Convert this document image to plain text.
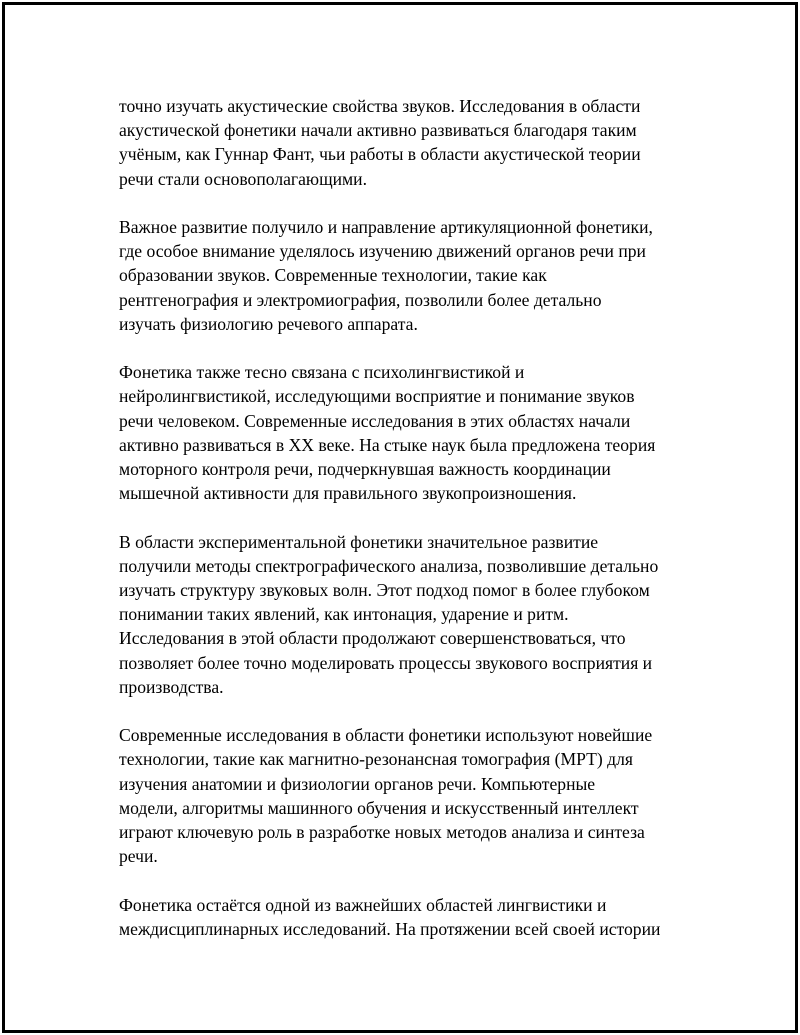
точно изучать акустические свойства звуков. Исследования в области
акустической фонетики начали активно развиваться благодаря таким
учёным, как Гуннар Фант, чьи работы в области акустической теории
речи стали основополагающими.

Важное развитие получило и направление артикуляционной фонетики,
где особое внимание уделялось изучению движений органов речи при
образовании звуков. Современные технологии, такие как
рентгенография и электромиография, позволили более детально
изучать физиологию речевого аппарата.

Фонетика также тесно связана с психолингвистикой и
нейролингвистикой, исследующими восприятие и понимание звуков
речи человеком. Современные исследования в этих областях начали
активно развиваться в XX веке. На стыке наук была предложена теория
моторного контроля речи, подчеркнувшая важность координации
мышечной активности для правильного звукопроизношения.

В области экспериментальной фонетики значительное развитие
получили методы спектрографического анализа, позволившие детально
изучать структуру звуковых волн. Этот подход помог в более глубоком
понимании таких явлений, как интонация, ударение и ритм.
Исследования в этой области продолжают совершенствоваться, что
позволяет более точно моделировать процессы звукового восприятия и
производства.

Современные исследования в области фонетики используют новейшие
технологии, такие как магнитно-резонансная томография (МРТ) для
изучения анатомии и физиологии органов речи. Компьютерные
модели, алгоритмы машинного обучения и искусственный интеллект
играют ключевую роль в разработке новых методов анализа и синтеза
речи.

Фонетика остаётся одной из важнейших областей лингвистики и
междисциплинарных исследований. На протяжении всей своей истории
